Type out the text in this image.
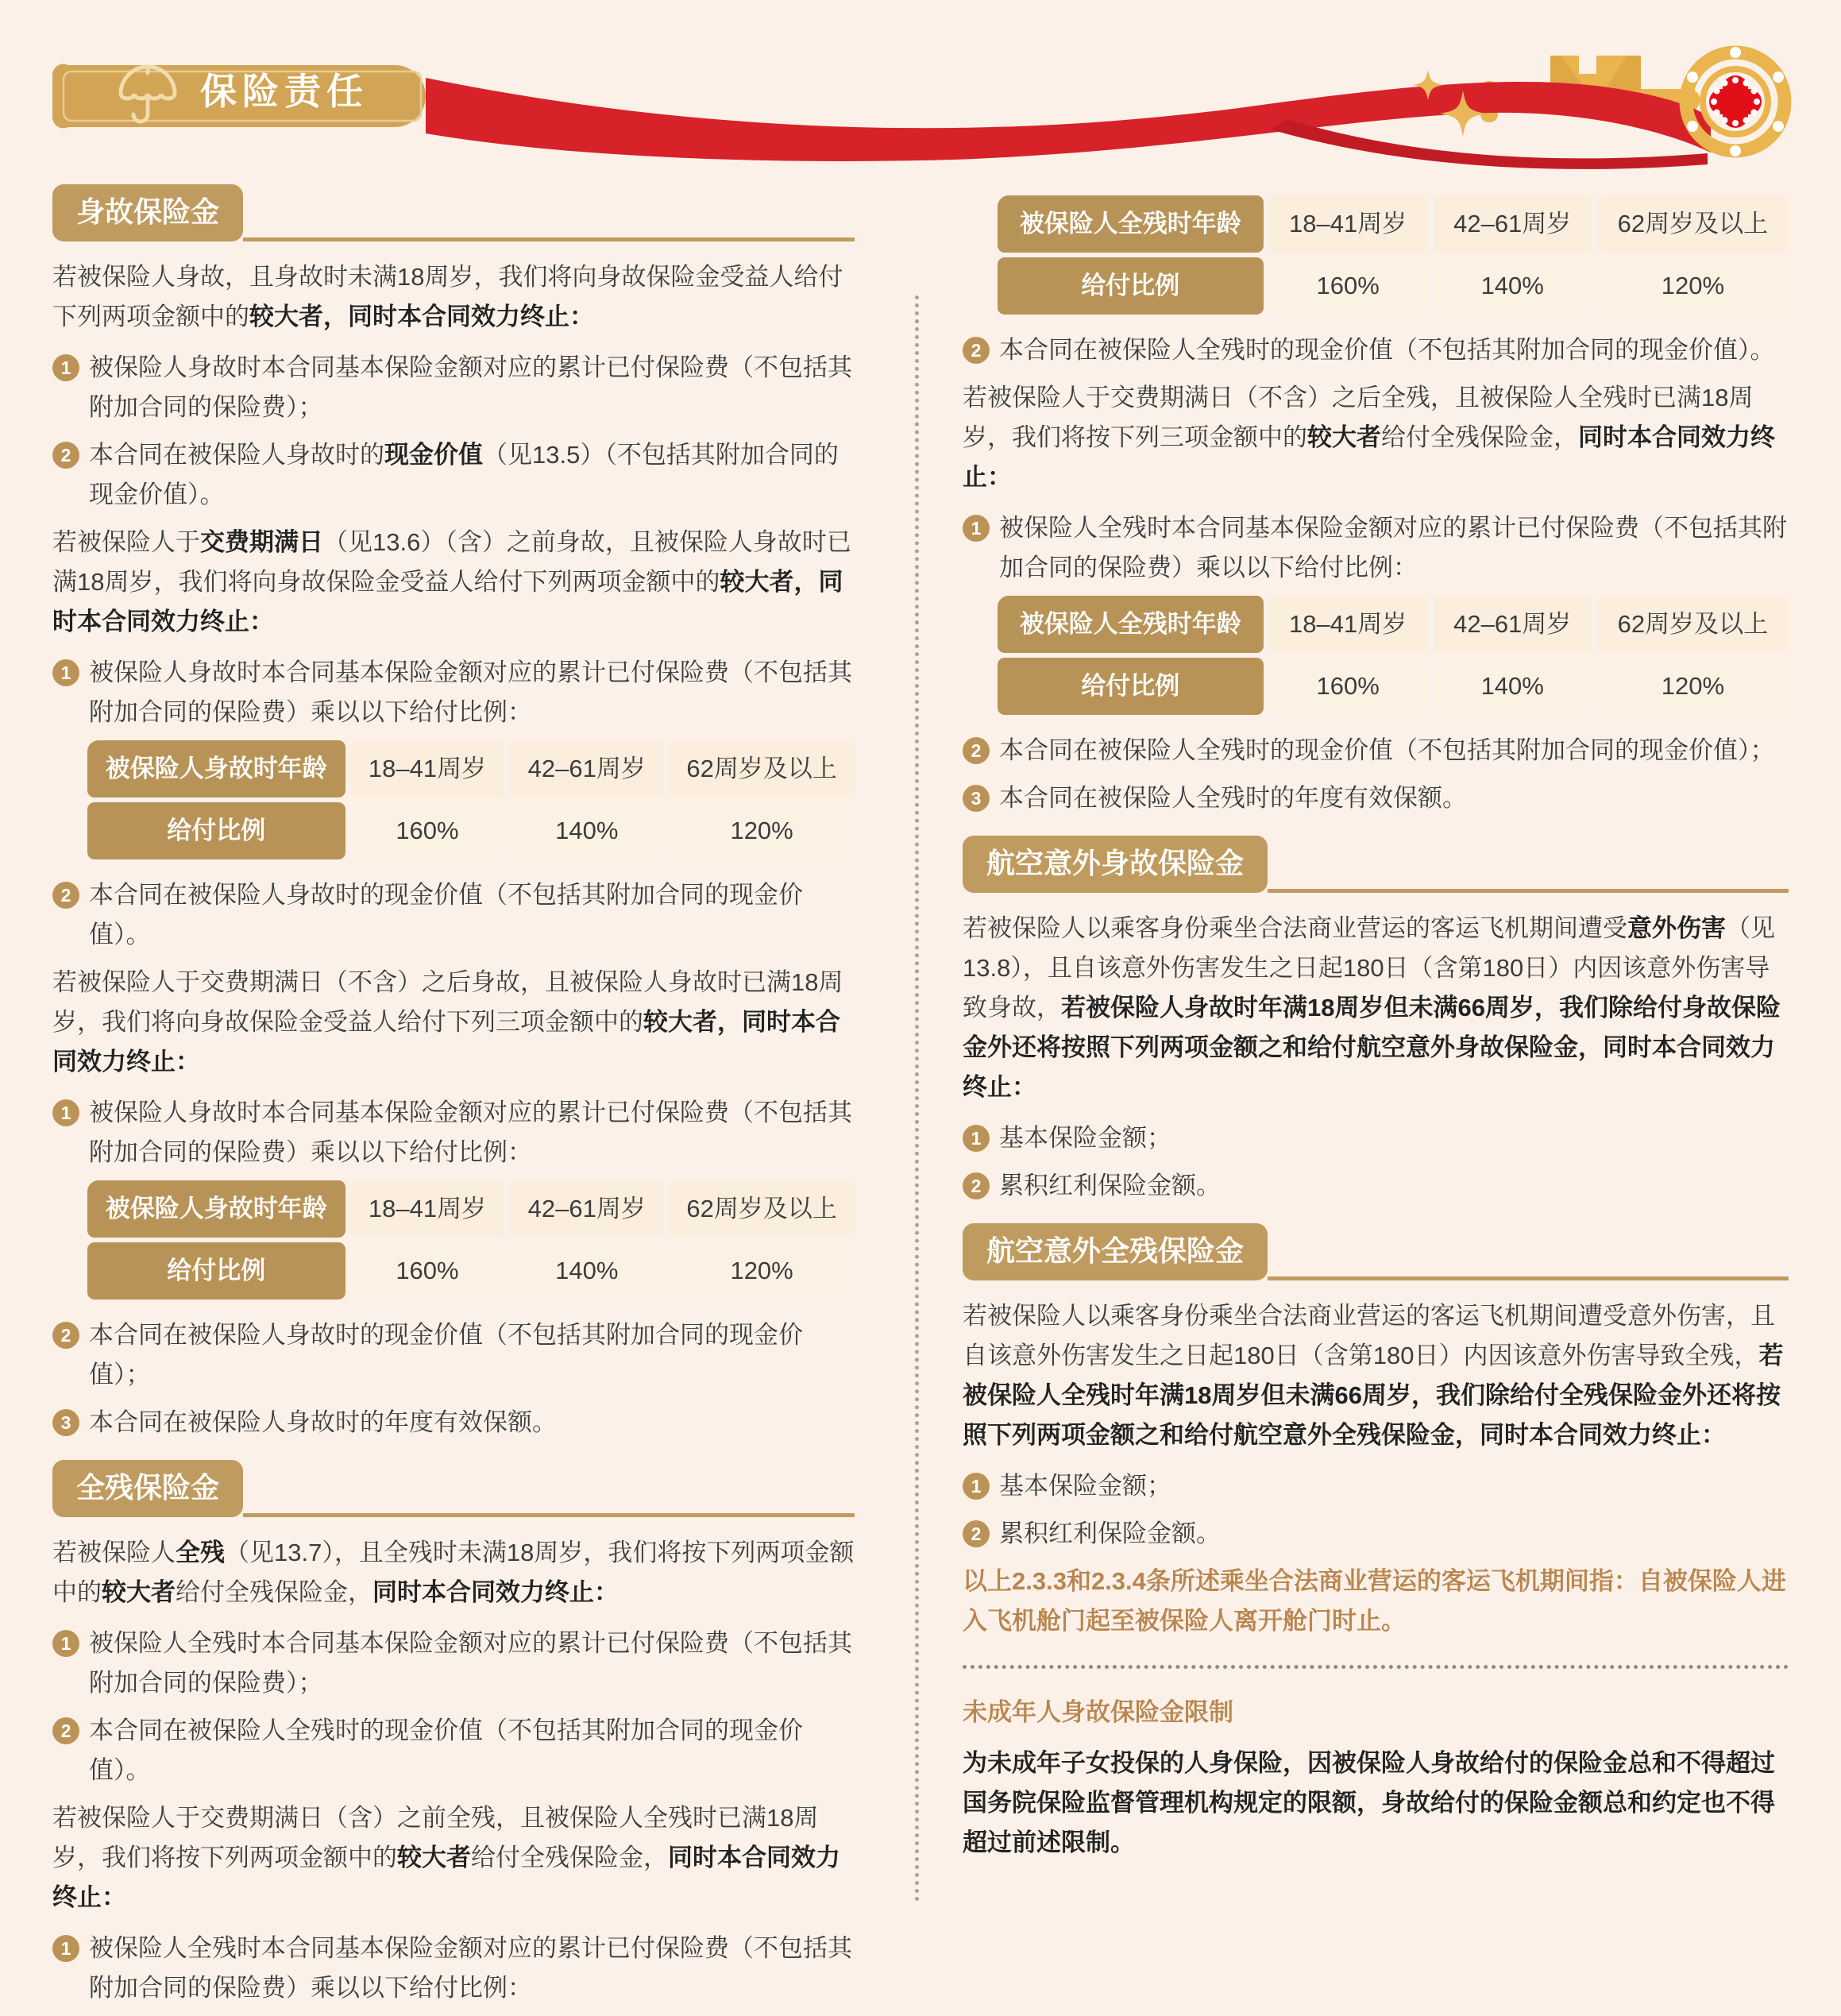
保险责任
身故保险金
若被保险人身故，且身故时未满18周岁，我们将向身故保险金受益人给付下列两项金额中的较大者，同时本合同效力终止：
1 被保险人身故时本合同基本保险金额对应的累计已付保险费（不包括其附加合同的保险费）；
2 本合同在被保险人身故时的现金价值（见13.5）（不包括其附加合同的现金价值）。
若被保险人于交费期满日（见13.6）（含）之前身故，且被保险人身故时已满18周岁，我们将向身故保险金受益人给付下列两项金额中的较大者，同时本合同效力终止：
1 被保险人身故时本合同基本保险金额对应的累计已付保险费（不包括其附加合同的保险费）乘以以下给付比例：
被保险人身故时年龄	18–41周岁	42–61周岁	62周岁及以上
给付比例	160%	140%	120%
2 本合同在被保险人身故时的现金价值（不包括其附加合同的现金价值）。
若被保险人于交费期满日（不含）之后身故，且被保险人身故时已满18周岁，我们将向身故保险金受益人给付下列三项金额中的较大者，同时本合同效力终止：
1 被保险人身故时本合同基本保险金额对应的累计已付保险费（不包括其附加合同的保险费）乘以以下给付比例：
被保险人身故时年龄	18–41周岁	42–61周岁	62周岁及以上
给付比例	160%	140%	120%
2 本合同在被保险人身故时的现金价值（不包括其附加合同的现金价值）；
3 本合同在被保险人身故时的年度有效保额。
全残保险金
若被保险人全残（见13.7），且全残时未满18周岁，我们将按下列两项金额中的较大者给付全残保险金，同时本合同效力终止：
1 被保险人全残时本合同基本保险金额对应的累计已付保险费（不包括其附加合同的保险费）；
2 本合同在被保险人全残时的现金价值（不包括其附加合同的现金价值）。
若被保险人于交费期满日（含）之前全残，且被保险人全残时已满18周岁，我们将按下列两项金额中的较大者给付全残保险金，同时本合同效力终止：
1 被保险人全残时本合同基本保险金额对应的累计已付保险费（不包括其附加合同的保险费）乘以以下给付比例：
被保险人全残时年龄	18–41周岁	42–61周岁	62周岁及以上
给付比例	160%	140%	120%
2 本合同在被保险人全残时的现金价值（不包括其附加合同的现金价值）。
若被保险人于交费期满日（不含）之后全残，且被保险人全残时已满18周岁，我们将按下列三项金额中的较大者给付全残保险金，同时本合同效力终止：
1 被保险人全残时本合同基本保险金额对应的累计已付保险费（不包括其附加合同的保险费）乘以以下给付比例：
被保险人全残时年龄	18–41周岁	42–61周岁	62周岁及以上
给付比例	160%	140%	120%
2 本合同在被保险人全残时的现金价值（不包括其附加合同的现金价值）；
3 本合同在被保险人全残时的年度有效保额。
航空意外身故保险金
若被保险人以乘客身份乘坐合法商业营运的客运飞机期间遭受意外伤害（见13.8），且自该意外伤害发生之日起180日（含第180日）内因该意外伤害导致身故，若被保险人身故时年满18周岁但未满66周岁，我们除给付身故保险金外还将按照下列两项金额之和给付航空意外身故保险金，同时本合同效力终止：
1 基本保险金额；
2 累积红利保险金额。
航空意外全残保险金
若被保险人以乘客身份乘坐合法商业营运的客运飞机期间遭受意外伤害，且自该意外伤害发生之日起180日（含第180日）内因该意外伤害导致全残，若被保险人全残时年满18周岁但未满66周岁，我们除给付全残保险金外还将按照下列两项金额之和给付航空意外全残保险金，同时本合同效力终止：
1 基本保险金额；
2 累积红利保险金额。
以上2.3.3和2.3.4条所述乘坐合法商业营运的客运飞机期间指：自被保险人进入飞机舱门起至被保险人离开舱门时止。
未成年人身故保险金限制
为未成年子女投保的人身保险，因被保险人身故给付的保险金总和不得超过国务院保险监督管理机构规定的限额，身故给付的保险金额总和约定也不得超过前述限制。
